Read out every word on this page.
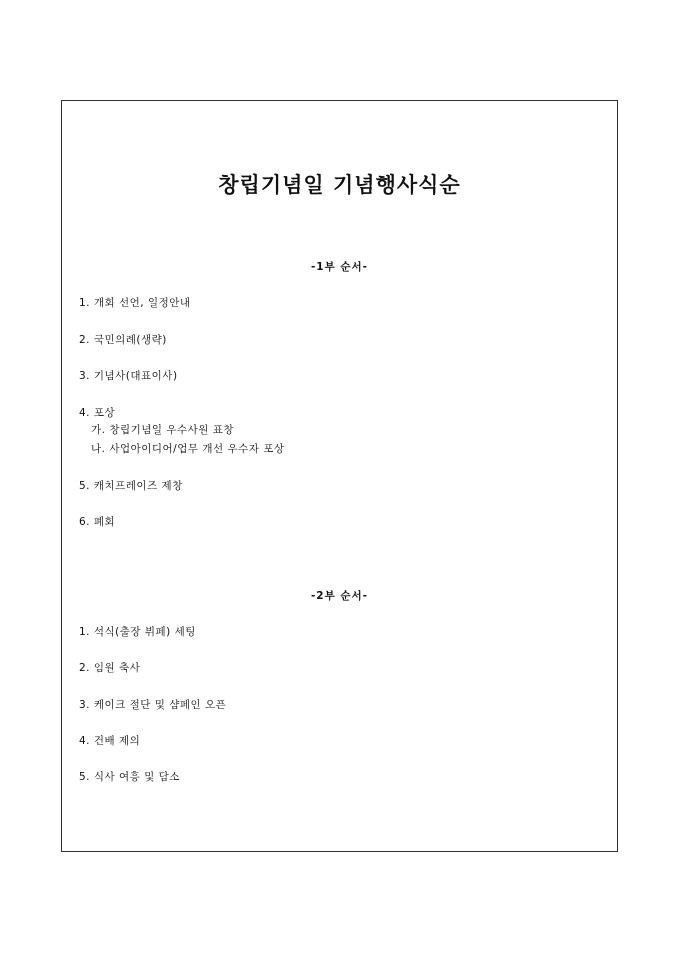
창립기념일 기념행사식순
-1부 순서-
1. 개회 선언, 일정안내
2. 국민의례(생략)
3. 기념사(대표이사)
4. 포상
가. 창립기념일 우수사원 표창
나. 사업아이디어/업무 개선 우수자 포상
5. 캐치프레이즈 제창
6. 폐회
-2부 순서-
1. 석식(출장 뷔페) 세팅
2. 임원 축사
3. 케이크 절단 및 샴페인 오픈
4. 건배 제의
5. 식사 여흥 및 담소
